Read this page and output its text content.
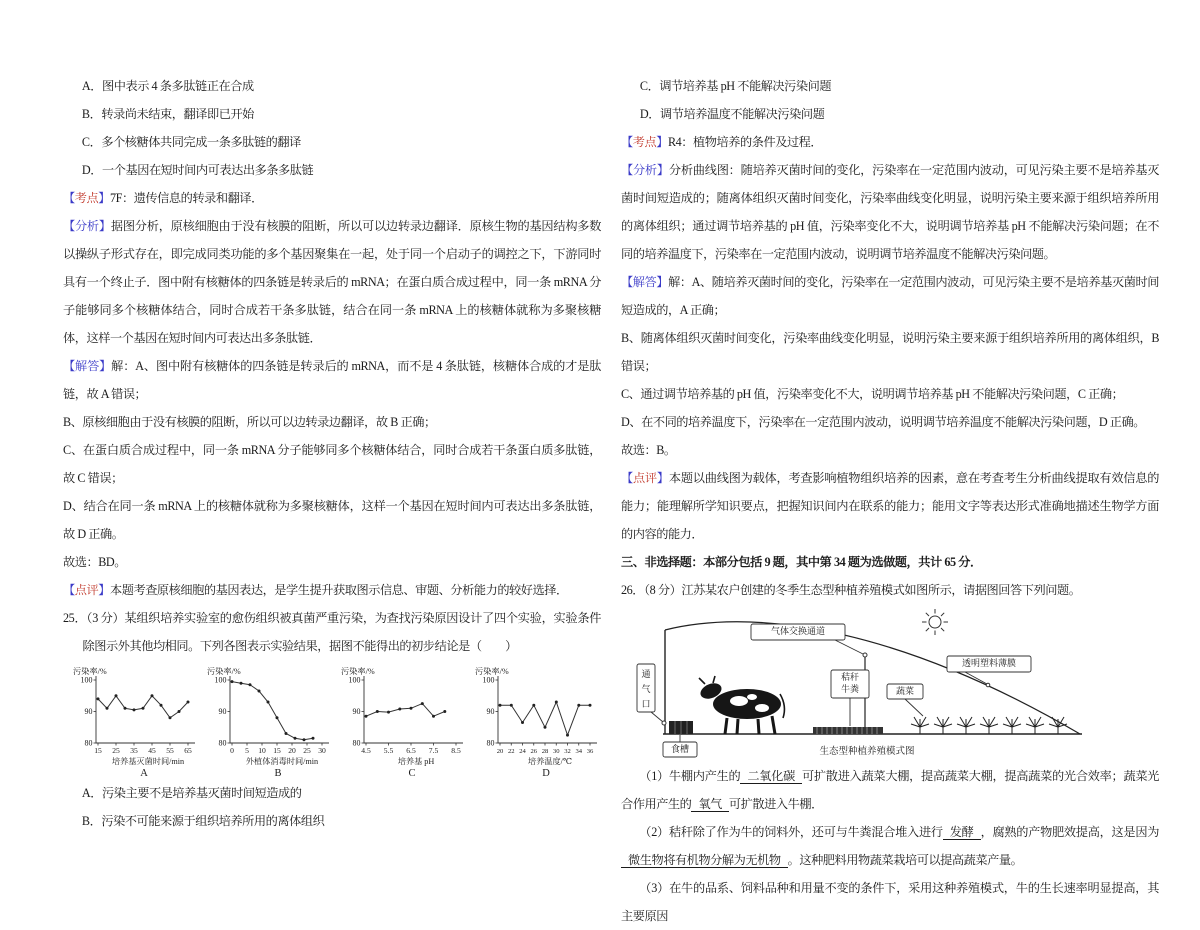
A．图中表示 4 条多肽链正在合成

B．转录尚未结束，翻译即已开始

C．多个核糖体共同完成一条多肽链的翻译

D．一个基因在短时间内可表达出多条多肽链

【考点】7F：遗传信息的转录和翻译．

【分析】据图分析，原核细胞由于没有核膜的阻断，所以可以边转录边翻译．原核生物的基因结构多数以操纵子形式存在，即完成同类功能的多个基因聚集在一起，处于同一个启动子的调控之下，下游同时具有一个终止子．图中附有核糖体的四条链是转录后的 mRNA；在蛋白质合成过程中，同一条 mRNA 分子能够同多个核糖体结合，同时合成若干条多肽链，结合在同一条 mRNA 上的核糖体就称为多聚核糖体，这样一个基因在短时间内可表达出多条肽链．

【解答】解：A、图中附有核糖体的四条链是转录后的 mRNA，而不是 4 条肽链，核糖体合成的才是肽链，故 A 错误；

B、原核细胞由于没有核膜的阻断，所以可以边转录边翻译，故 B 正确；

C、在蛋白质合成过程中，同一条 mRNA 分子能够同多个核糖体结合，同时合成若干条蛋白质多肽链，故 C 错误；

D、结合在同一条 mRNA 上的核糖体就称为多聚核糖体，这样一个基因在短时间内可表达出多条肽链，故 D 正确。

故选：BD。

【点评】本题考查原核细胞的基因表达，是学生提升获取图示信息、审题、分析能力的较好选择．

25．（3 分）某组织培养实验室的愈伤组织被真菌严重污染，为查找污染原因设计了四个实验，实验条件除图示外其他均相同。下列各图表示实验结果，据图不能得出的初步结论是（　　）

污染率/%
100
90
80
15 25 35 45 55 65
培养基灭菌时间/min
A
污染率/%
100
90
80
0 5 10 15 20 25 30
外植体消毒时间/min
B
污染率/%
100
90
80
4.5 5.5 6.5 7.5 8.5
培养基 pH
C
污染率/%
100
90
80
20 22 24 26 28 30 32 34 36
培养温度/℃
D

A．污染主要不是培养基灭菌时间短造成的

B．污染不可能来源于组织培养所用的离体组织

C．调节培养基 pH 不能解决污染问题

D．调节培养温度不能解决污染问题

【考点】R4：植物培养的条件及过程．

【分析】分析曲线图：随培养灭菌时间的变化，污染率在一定范围内波动，可见污染主要不是培养基灭菌时间短造成的；随离体组织灭菌时间变化，污染率曲线变化明显，说明污染主要来源于组织培养所用的离体组织；通过调节培养基的 pH 值，污染率变化不大，说明调节培养基 pH 不能解决污染问题；在不同的培养温度下，污染率在一定范围内波动，说明调节培养温度不能解决污染问题。

【解答】解：A、随培养灭菌时间的变化，污染率在一定范围内波动，可见污染主要不是培养基灭菌时间短造成的，A 正确；

B、随离体组织灭菌时间变化，污染率曲线变化明显，说明污染主要来源于组织培养所用的离体组织，B 错误；

C、通过调节培养基的 pH 值，污染率变化不大，说明调节培养基 pH 不能解决污染问题，C 正确；

D、在不同的培养温度下，污染率在一定范围内波动，说明调节培养温度不能解决污染问题，D 正确。

故选：B。

【点评】本题以曲线图为载体，考查影响植物组织培养的因素，意在考查考生分析曲线提取有效信息的能力；能理解所学知识要点，把握知识间内在联系的能力；能用文字等表达形式准确地描述生物学方面的内容的能力．

三、非选择题：本部分包括 9 题，其中第 34 题为选做题，共计 65 分．

26．（8 分）江苏某农户创建的冬季生态型种植养殖模式如图所示，请据图回答下列问题。

气体交换通道
透明塑料薄膜
通
气
口
食槽
秸秆
牛粪	蔬菜
生态型种植养殖模式图

（1）牛棚内产生的 二氧化碳 可扩散进入蔬菜大棚，提高蔬菜大棚，提高蔬菜的光合效率；蔬菜光合作用产生的 氧气 可扩散进入牛棚．

（2）秸秆除了作为牛的饲料外，还可与牛粪混合堆入进行 发酵 ，腐熟的产物肥效提高，这是因为微生物将有机物分解为无机物 。这种肥料用物蔬菜栽培可以提高蔬菜产量。

（3）在牛的品系、饲料品种和用量不变的条件下，采用这种养殖模式，牛的生长速率明显提高，其主要原因
